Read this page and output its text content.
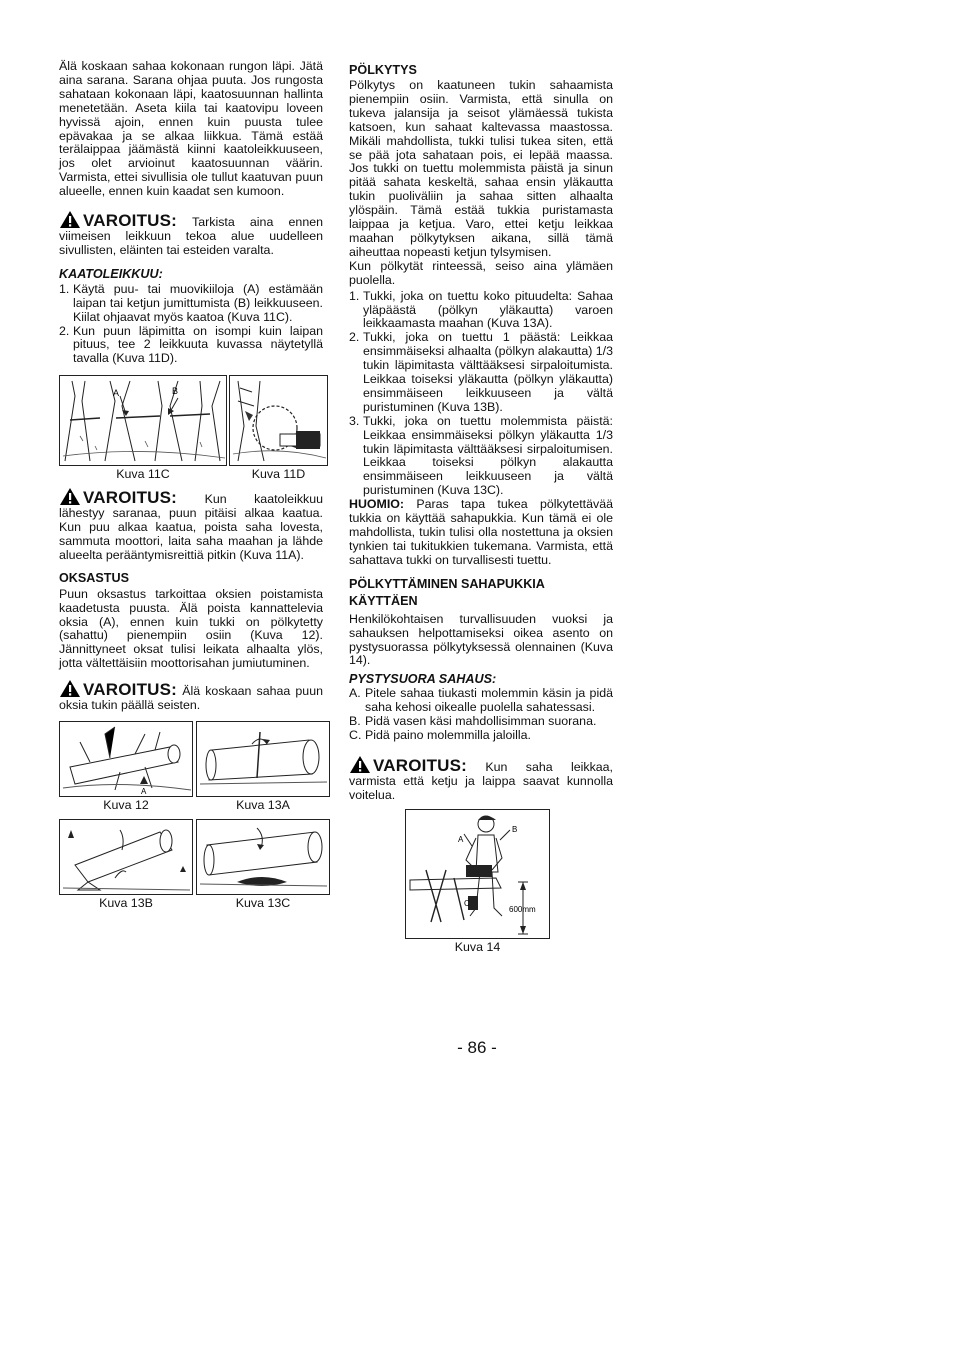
Älä koskaan sahaa kokonaan rungon läpi. Jätä aina sarana. Sarana ohjaa puuta. Jos rungosta sahataan kokonaan läpi, kaatosuunnan hallinta menetetään. Aseta kiila tai kaatovipu loveen hyvissä ajoin, ennen kuin puusta tulee epävakaa ja se alkaa liikkua. Tämä estää terälaippaa jäämästä kiinni kaatoleikkuuseen, jos olet arvioinut kaatosuunnan väärin. Varmista, ettei sivullisia ole tullut kaatuvan puun alueelle, ennen kuin kaadat sen kumoon.

VAROITUS: Tarkista aina ennen viimeisen leikkuun tekoa alue uudelleen sivullisten, eläinten tai esteiden varalta.

KAATOLEIKKUU:
1. Käytä puu- tai muovikiiloja (A) estämään laipan tai ketjun jumittumista (B) leikkuuseen. Kiilat ohjaavat myös kaatoa (Kuva 11C).
2. Kun puun läpimitta on isompi kuin laipan pituus, tee 2 leikkuuta kuvassa näytetyllä tavalla (Kuva 11D).
A	B
Kuva 11C	Kuva 11D

VAROITUS: Kun kaatoleikkuu lähestyy saranaa, puun pitäisi alkaa kaatua. Kun puu alkaa kaatua, poista saha lovesta, sammuta moottori, laita saha maahan ja lähde alueelta perääntymisreittiä pitkin (Kuva 11A).

OKSASTUS

Puun oksastus tarkoittaa oksien poistamista kaadetusta puusta. Älä poista kannattelevia oksia (A), ennen kuin tukki on pölkytetty (sahattu) pienempiin osiin (Kuva 12). Jännittyneet oksat tulisi leikata alhaalta ylös, jotta vältettäisiin moottorisahan jumiutuminen.

VAROITUS: Älä koskaan sahaa puun oksia tukin päällä seisten.

A
Kuva 12	Kuva 13A
Kuva 13B	Kuva 13C
PÖLKYTYS

Pölkytys on kaatuneen tukin sahaamista pienempiin osiin. Varmista, että sinulla on tukeva jalansija ja seisot ylämäessä tukista katsoen, kun sahaat kaltevassa maastossa. Mikäli mahdollista, tukki tulisi tukea siten, että se pää jota sahataan pois, ei lepää maassa. Jos tukki on tuettu molemmista päistä ja sinun pitää sahata keskeltä, sahaa ensin yläkautta tukin puoliväliin ja sahaa sitten alhaalta ylöspäin. Tämä estää tukkia puristamasta laippaa ja ketjua. Varo, ettei ketju leikkaa maahan pölkytyksen aikana, sillä tämä aiheuttaa nopeasti ketjun tylsymisen.

Kun pölkytät rinteessä, seiso aina ylämäen puolella.

1. Tukki, joka on tuettu koko pituudelta: Sahaa yläpäästä (pölkyn yläkautta) varoen leikkaamasta maahan (Kuva 13A).
2. Tukki, joka on tuettu 1 päästä: Leikkaa ensimmäiseksi alhaalta (pölkyn alakautta) 1/3 tukin läpimitasta välttääksesi sirpaloitumista. Leikkaa toiseksi yläkautta (pölkyn yläkautta) ensimmäiseen leikkuuseen ja vältä puristuminen (Kuva 13B).
3. Tukki, joka on tuettu molemmista päistä: Leikkaa ensimmäiseksi pölkyn yläkautta 1/3 tukin läpimitasta välttääksesi sirpaloitumisen. Leikkaa toiseksi pölkyn alakautta ensimmäiseen leikkuuseen ja vältä puristuminen (Kuva 13C).

HUOMIO: Paras tapa tukea pölkytettävää tukkia on käyttää sahapukkia. Kun tämä ei ole mahdollista, tukin tulisi olla nostettuna ja oksien tynkien tai tukitukkien tukemana. Varmista, että sahattava tukki on turvallisesti tuettu.

PÖLKYTTÄMINEN SAHAPUKKIA KÄYTTÄEN

Henkilökohtaisen turvallisuuden vuoksi ja sahauksen helpottamiseksi oikea asento on pystysuorassa pölkytyksessä olennainen (Kuva 14).

PYSTYSUORA SAHAUS:
A. Pitele sahaa tiukasti molemmin käsin ja pidä saha kehosi oikealle puolella sahatessasi.
B. Pidä vasen käsi mahdollisimman suorana.
C. Pidä paino molemmilla jaloilla.

VAROITUS: Kun saha leikkaa, varmista että ketju ja laippa saavat kunnolla voitelua.

A
B
C
600mm
Kuva 14
- 86 -
